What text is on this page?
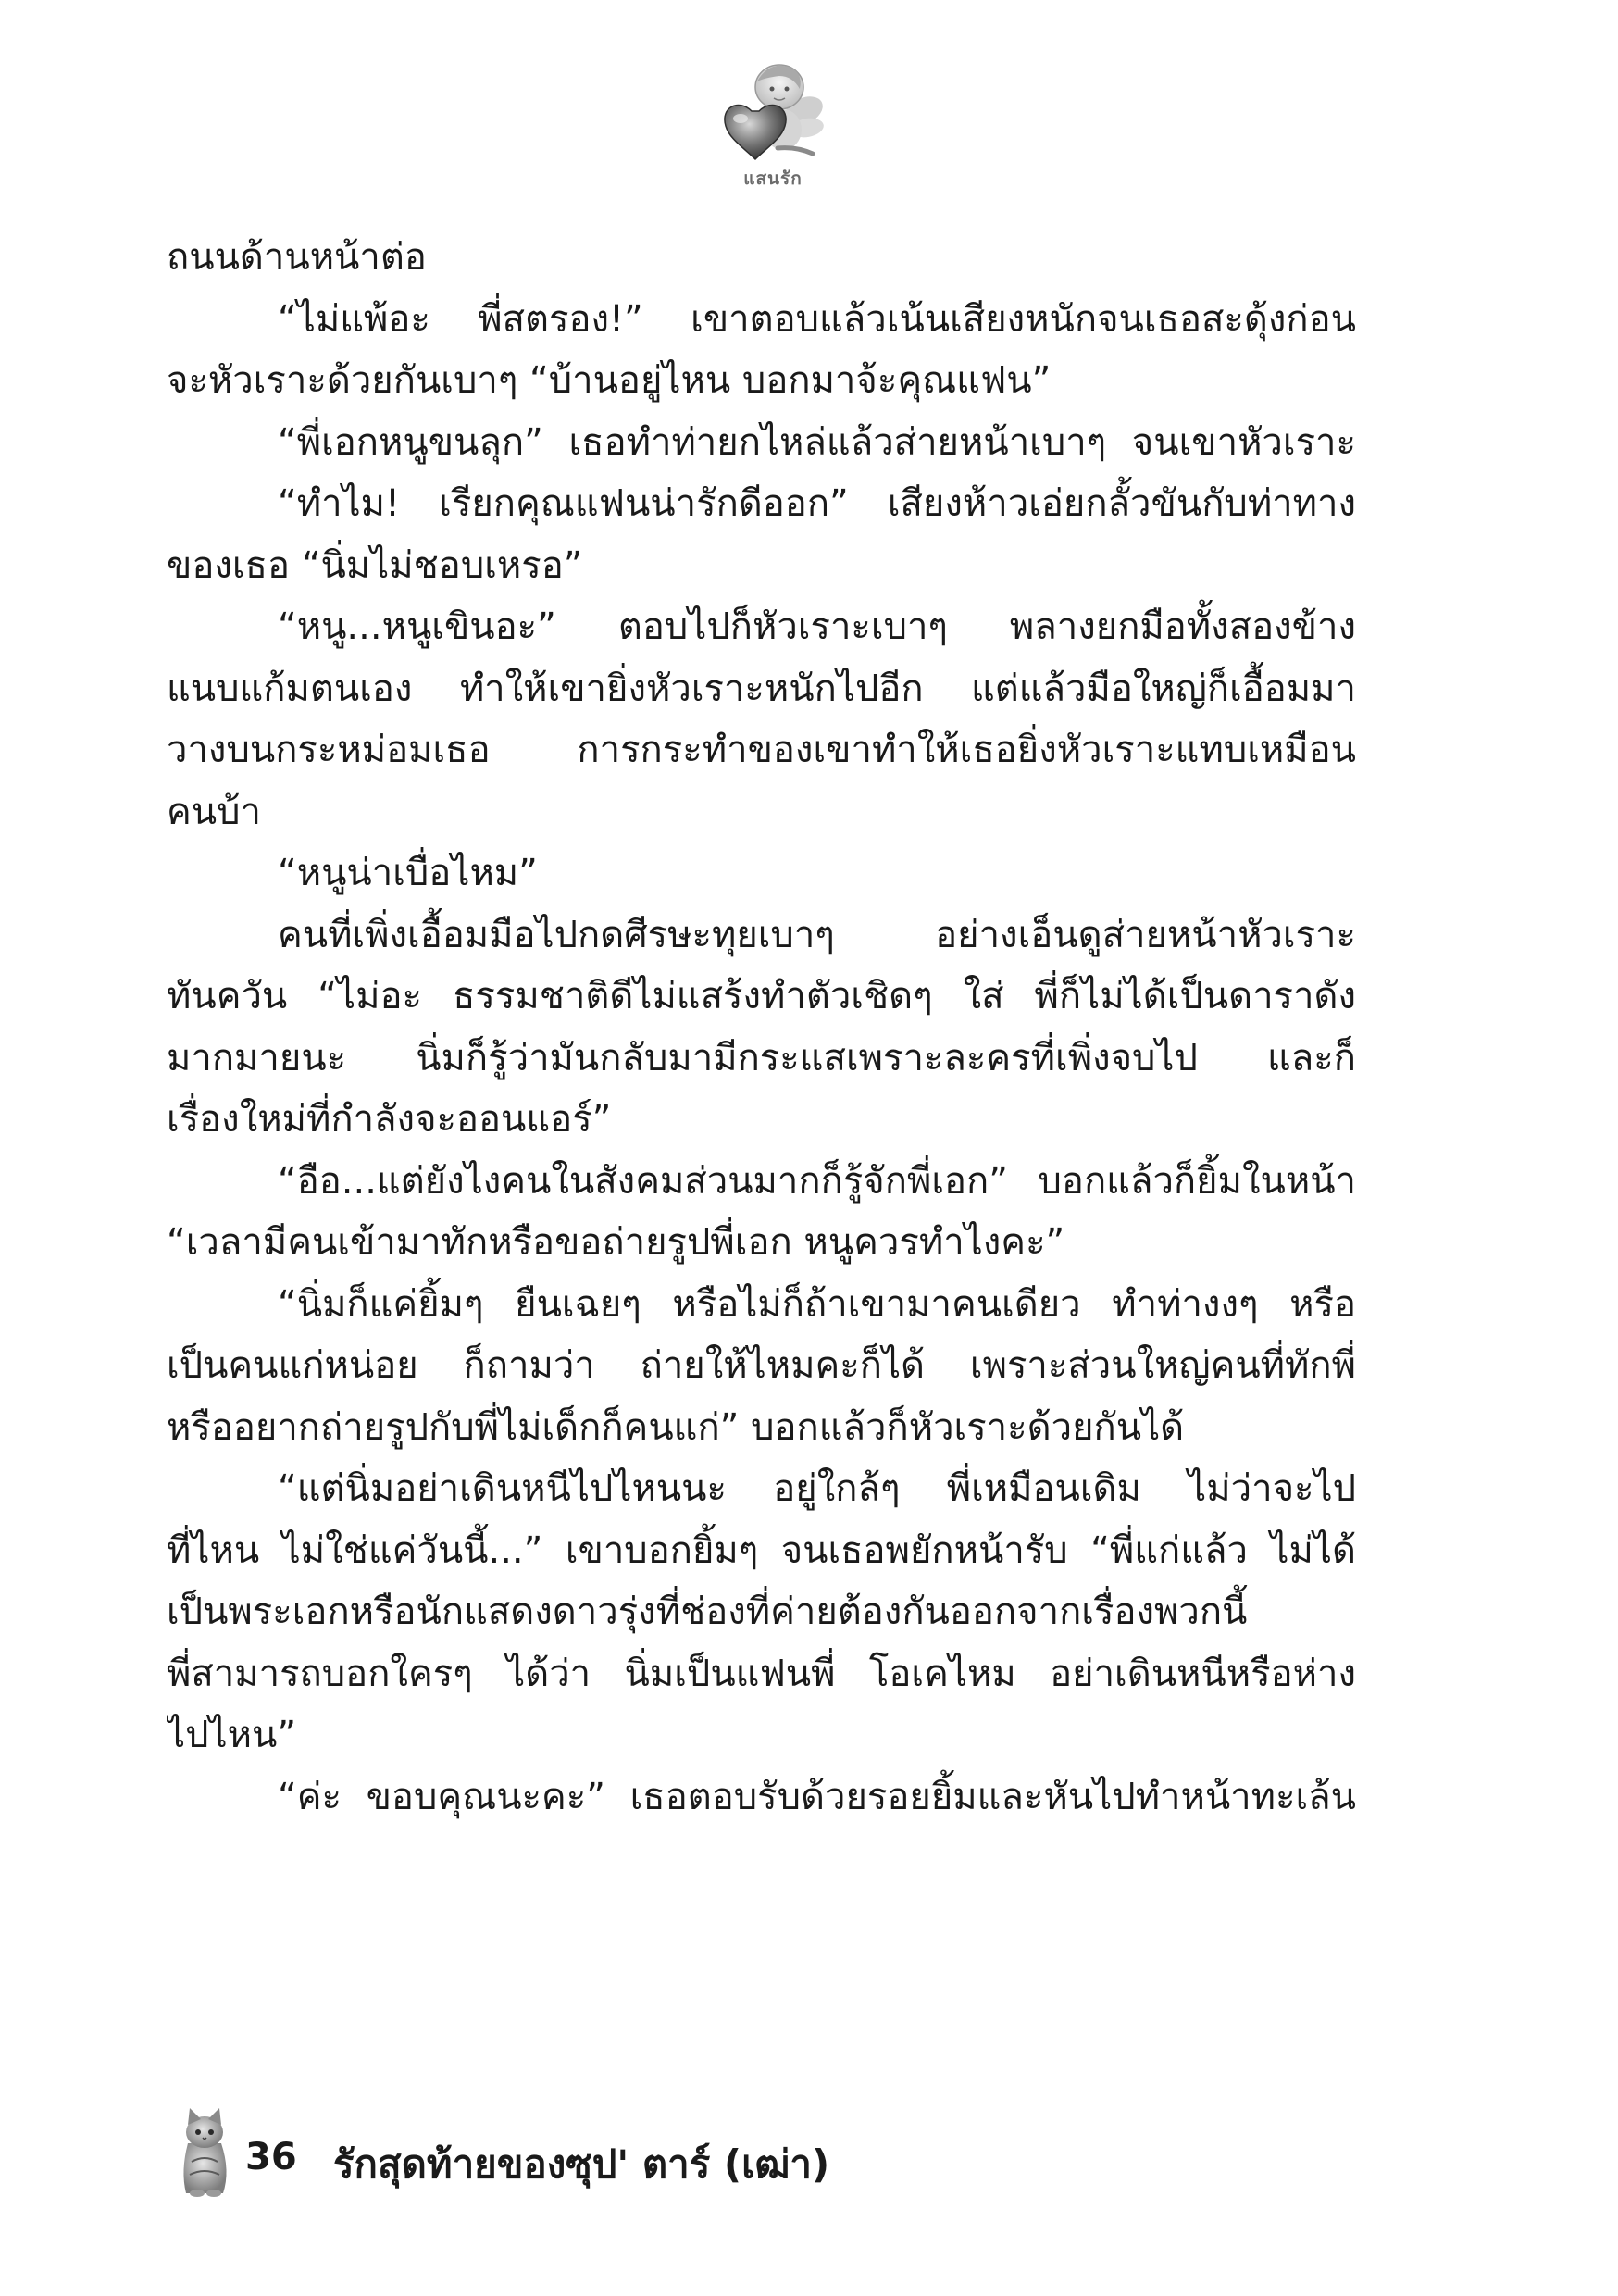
แสนรัก
ถนนด้านหน้าต่อ
“ไม่แพ้อะ พี่สตรอง!” เขาตอบแล้วเน้นเสียงหนักจนเธอสะดุ้งก่อน
จะหัวเราะด้วยกันเบาๆ “บ้านอยู่ไหน บอกมาจ้ะคุณแฟน”
“พี่เอกหนูขนลุก” เธอทำท่ายกไหล่แล้วส่ายหน้าเบาๆ จนเขาหัวเราะ
“ทำไม! เรียกคุณแฟนน่ารักดีออก” เสียงห้าวเอ่ยกลั้วขันกับท่าทาง
ของเธอ “นิ่มไม่ชอบเหรอ”
“หนู...หนูเขินอะ” ตอบไปก็หัวเราะเบาๆ พลางยกมือทั้งสองข้าง
แนบแก้มตนเอง ทำให้เขายิ่งหัวเราะหนักไปอีก แต่แล้วมือใหญ่ก็เอื้อมมา
วางบนกระหม่อมเธอ การกระทำของเขาทำให้เธอยิ่งหัวเราะแทบเหมือน
คนบ้า
“หนูน่าเบื่อไหม”
คนที่เพิ่งเอื้อมมือไปกดศีรษะทุยเบาๆ อย่างเอ็นดูส่ายหน้าหัวเราะ
ทันควัน “ไม่อะ ธรรมชาติดีไม่แสร้งทำตัวเชิดๆ ใส่ พี่ก็ไม่ได้เป็นดาราดัง
มากมายนะ นิ่มก็รู้ว่ามันกลับมามีกระแสเพราะละครที่เพิ่งจบไป และก็
เรื่องใหม่ที่กำลังจะออนแอร์”
“อือ...แต่ยังไงคนในสังคมส่วนมากก็รู้จักพี่เอก” บอกแล้วก็ยิ้มในหน้า
“เวลามีคนเข้ามาทักหรือขอถ่ายรูปพี่เอก หนูควรทำไงคะ”
“นิ่มก็แค่ยิ้มๆ ยืนเฉยๆ หรือไม่ก็ถ้าเขามาคนเดียว ทำท่างงๆ หรือ
เป็นคนแก่หน่อย ก็ถามว่า ถ่ายให้ไหมคะก็ได้ เพราะส่วนใหญ่คนที่ทักพี่
หรืออยากถ่ายรูปกับพี่ไม่เด็กก็คนแก่” บอกแล้วก็หัวเราะด้วยกันได้
“แต่นิ่มอย่าเดินหนีไปไหนนะ อยู่ใกล้ๆ พี่เหมือนเดิม ไม่ว่าจะไป
ที่ไหน ไม่ใช่แค่วันนี้...” เขาบอกยิ้มๆ จนเธอพยักหน้ารับ “พี่แก่แล้ว ไม่ได้
เป็นพระเอกหรือนักแสดงดาวรุ่งที่ช่องที่ค่ายต้องกันออกจากเรื่องพวกนี้
พี่สามารถบอกใครๆ ได้ว่า นิ่มเป็นแฟนพี่ โอเคไหม อย่าเดินหนีหรือห่าง
ไปไหน”
“ค่ะ ขอบคุณนะคะ” เธอตอบรับด้วยรอยยิ้มและหันไปทำหน้าทะเล้น
36 รักสุดท้ายของซุป' ตาร์ (เฒ่า)
